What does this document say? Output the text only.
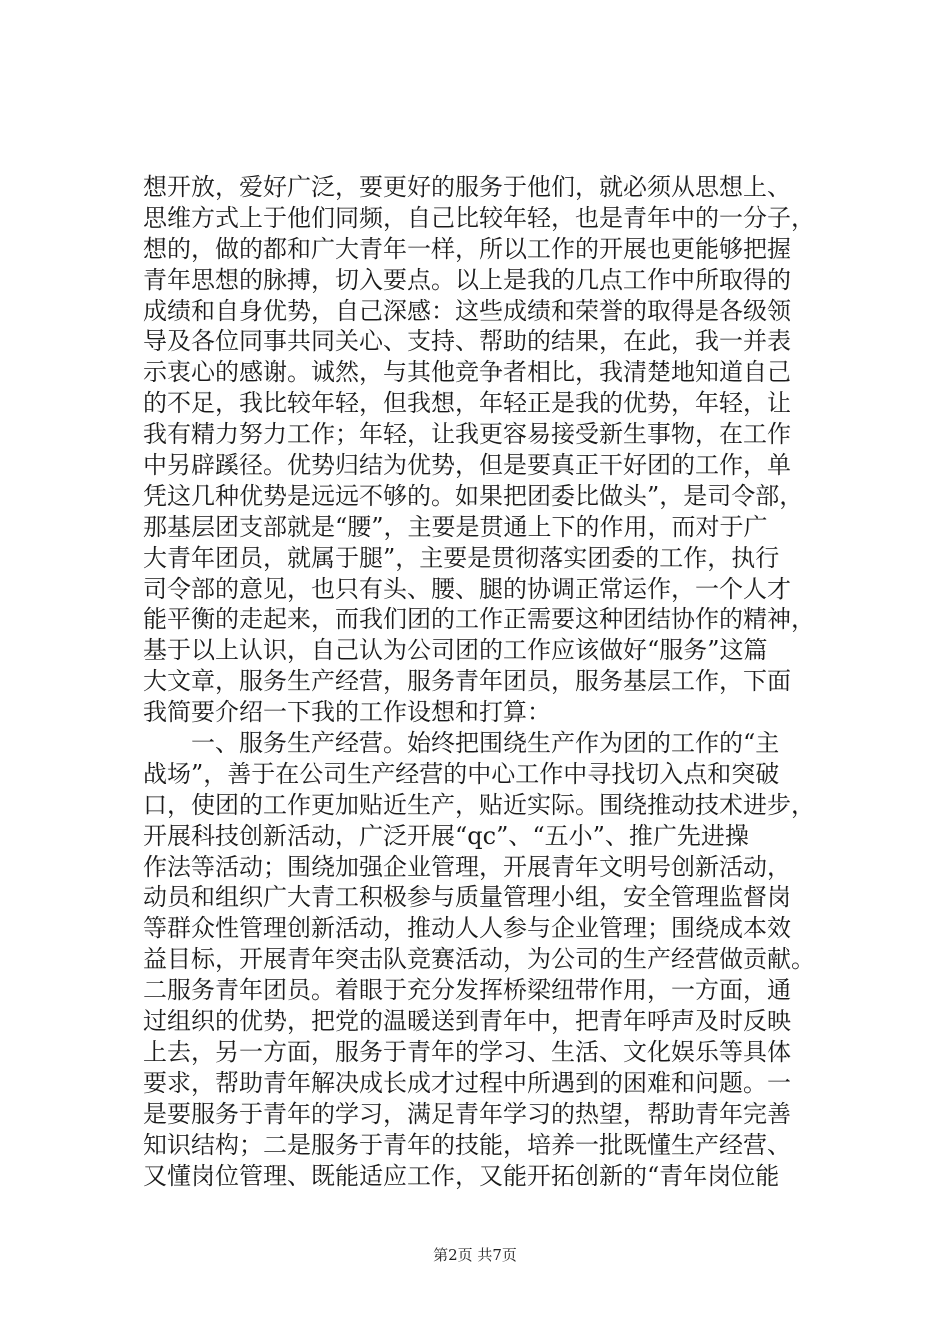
想开放，爱好广泛，要更好的服务于他们，就必须从思想上、
思维方式上于他们同频，自己比较年轻，也是青年中的一分子，
想的，做的都和广大青年一样，所以工作的开展也更能够把握
青年思想的脉搏，切入要点。以上是我的几点工作中所取得的
成绩和自身优势，自己深感：这些成绩和荣誉的取得是各级领
导及各位同事共同关心、支持、帮助的结果，在此，我一并表
示衷心的感谢。诚然，与其他竞争者相比，我清楚地知道自己
的不足，我比较年轻，但我想，年轻正是我的优势，年轻，让
我有精力努力工作；年轻，让我更容易接受新生事物，在工作
中另辟蹊径。优势归结为优势，但是要真正干好团的工作，单
凭这几种优势是远远不够的。如果把团委比做头”，是司令部，
那基层团支部就是“腰”，主要是贯通上下的作用，而对于广
大青年团员，就属于腿”，主要是贯彻落实团委的工作，执行
司令部的意见，也只有头、腰、腿的协调正常运作，一个人才
能平衡的走起来，而我们团的工作正需要这种团结协作的精神，
基于以上认识，自己认为公司团的工作应该做好“服务”这篇
大文章，服务生产经营，服务青年团员，服务基层工作，下面
我简要介绍一下我的工作设想和打算：
一、服务生产经营。始终把围绕生产作为团的工作的“主
战场”，善于在公司生产经营的中心工作中寻找切入点和突破
口，使团的工作更加贴近生产，贴近实际。围绕推动技术进步，
开展科技创新活动，广泛开展“qc”、“五小”、推广先进操
作法等活动；围绕加强企业管理，开展青年文明号创新活动，
动员和组织广大青工积极参与质量管理小组，安全管理监督岗
等群众性管理创新活动，推动人人参与企业管理；围绕成本效
益目标，开展青年突击队竞赛活动，为公司的生产经营做贡献。
二服务青年团员。着眼于充分发挥桥梁纽带作用，一方面，通
过组织的优势，把党的温暖送到青年中，把青年呼声及时反映
上去，另一方面，服务于青年的学习、生活、文化娱乐等具体
要求，帮助青年解决成长成才过程中所遇到的困难和问题。一
是要服务于青年的学习，满足青年学习的热望，帮助青年完善
知识结构；二是服务于青年的技能，培养一批既懂生产经营、
又懂岗位管理、既能适应工作，又能开拓创新的“青年岗位能
第2页 共7页
